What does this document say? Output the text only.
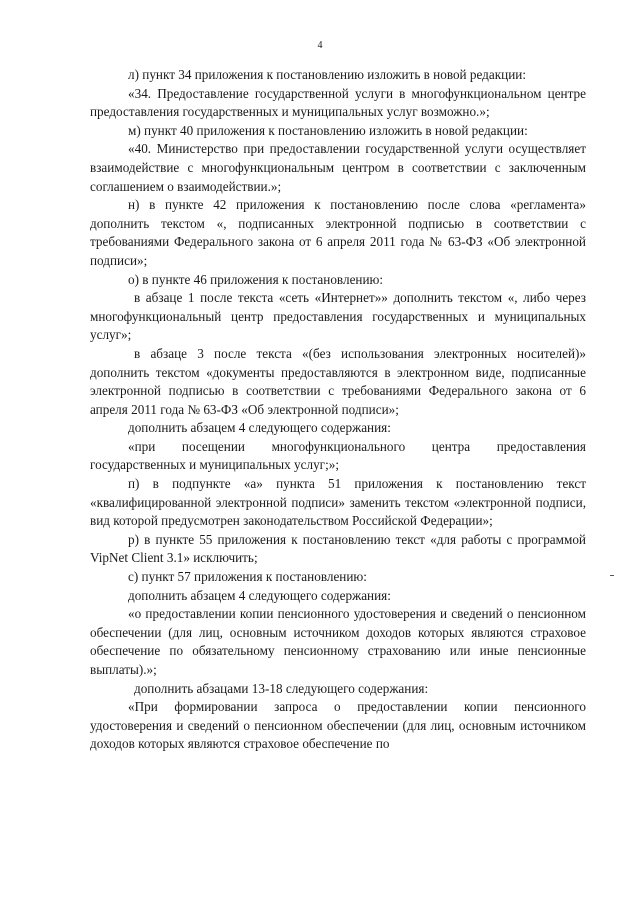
4

л) пункт 34 приложения к постановлению изложить в новой редакции:

«34. Предоставление государственной услуги в многофункциональном центре предоставления государственных и муниципальных услуг возможно.»;

м) пункт 40 приложения к постановлению изложить в новой редакции:

«40. Министерство при предоставлении государственной услуги осуществляет взаимодействие с многофункциональным центром в соответствии с заключенным соглашением о взаимодействии.»;

н) в пункте 42 приложения к постановлению после слова «регламента» дополнить текстом «, подписанных электронной подписью в соответствии с требованиями Федерального закона от 6 апреля 2011 года № 63-ФЗ «Об электронной подписи»;

о) в пункте 46 приложения к постановлению:

в абзаце 1 после текста «сеть «Интернет»» дополнить текстом «, либо через многофункциональный центр предоставления государственных и муниципальных услуг»;

в абзаце 3 после текста «(без использования электронных носителей)» дополнить текстом «документы предоставляются в электронном виде, подписанные электронной подписью в соответствии с требованиями Федерального закона от 6 апреля 2011 года № 63-ФЗ «Об электронной подписи»;

дополнить абзацем 4 следующего содержания:

«при посещении многофункционального центра предоставления государственных и муниципальных услуг;»;

п) в подпункте «а» пункта 51 приложения к постановлению текст «квалифицированной электронной подписи» заменить текстом «электронной подписи, вид которой предусмотрен законодательством Российской Федерации»;

р) в пункте 55 приложения к постановлению текст «для работы с программой VipNet Client 3.1» исключить;

с) пункт 57 приложения к постановлению:

дополнить абзацем 4 следующего содержания:

«о предоставлении копии пенсионного удостоверения и сведений о пенсионном обеспечении (для лиц, основным источником доходов которых являются страховое обеспечение по обязательному пенсионному страхованию или иные пенсионные выплаты).»;

дополнить абзацами 13-18 следующего содержания:

«При формировании запроса о предоставлении копии пенсионного удостоверения и сведений о пенсионном обеспечении (для лиц, основным источником доходов которых являются страховое обеспечение по
